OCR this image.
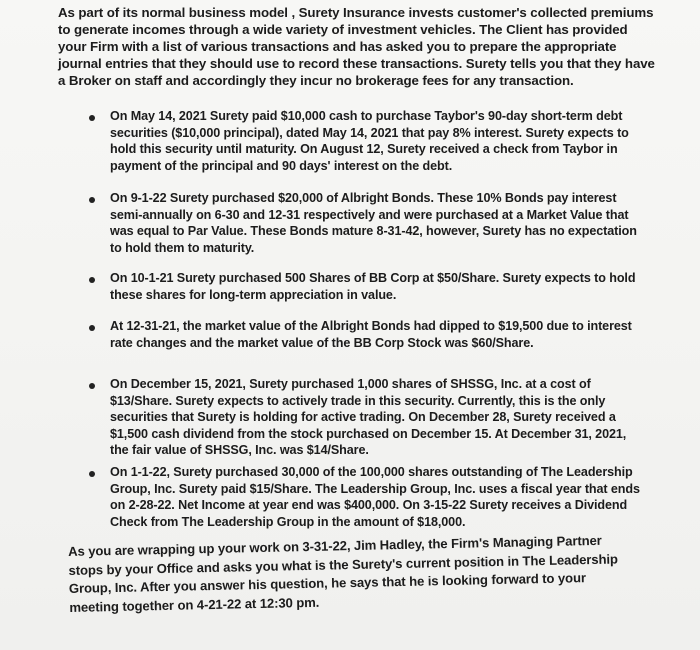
As part of its normal business model , Surety Insurance invests customer's collected premiums to generate incomes through a wide variety of investment vehicles. The Client has provided your Firm with a list of various transactions and has asked you to prepare the appropriate journal entries that they should use to record these transactions. Surety tells you that they have a Broker on staff and accordingly they incur no brokerage fees for any transaction.

On May 14, 2021 Surety paid $10,000 cash to purchase Taybor's 90-day short-term debt securities ($10,000 principal), dated May 14, 2021 that pay 8% interest. Surety expects to hold this security until maturity. On August 12, Surety received a check from Taybor in payment of the principal and 90 days' interest on the debt.

On 9-1-22 Surety purchased $20,000 of Albright Bonds. These 10% Bonds pay interest semi-annually on 6-30 and 12-31 respectively and were purchased at a Market Value that was equal to Par Value. These Bonds mature 8-31-42, however, Surety has no expectation to hold them to maturity.

On 10-1-21 Surety purchased 500 Shares of BB Corp at $50/Share. Surety expects to hold these shares for long-term appreciation in value.

At 12-31-21, the market value of the Albright Bonds had dipped to $19,500 due to interest rate changes and the market value of the BB Corp Stock was $60/Share.

On December 15, 2021, Surety purchased 1,000 shares of SHSSG, Inc. at a cost of $13/Share. Surety expects to actively trade in this security. Currently, this is the only securities that Surety is holding for active trading. On December 28, Surety received a $1,500 cash dividend from the stock purchased on December 15. At December 31, 2021, the fair value of SHSSG, Inc. was $14/Share.

On 1-1-22, Surety purchased 30,000 of the 100,000 shares outstanding of The Leadership Group, Inc. Surety paid $15/Share. The Leadership Group, Inc. uses a fiscal year that ends on 2-28-22. Net Income at year end was $400,000. On 3-15-22 Surety receives a Dividend Check from The Leadership Group in the amount of $18,000.

As you are wrapping up your work on 3-31-22, Jim Hadley, the Firm's Managing Partner stops by your Office and asks you what is the Surety's current position in The Leadership Group, Inc. After you answer his question, he says that he is looking forward to your meeting together on 4-21-22 at 12:30 pm.
